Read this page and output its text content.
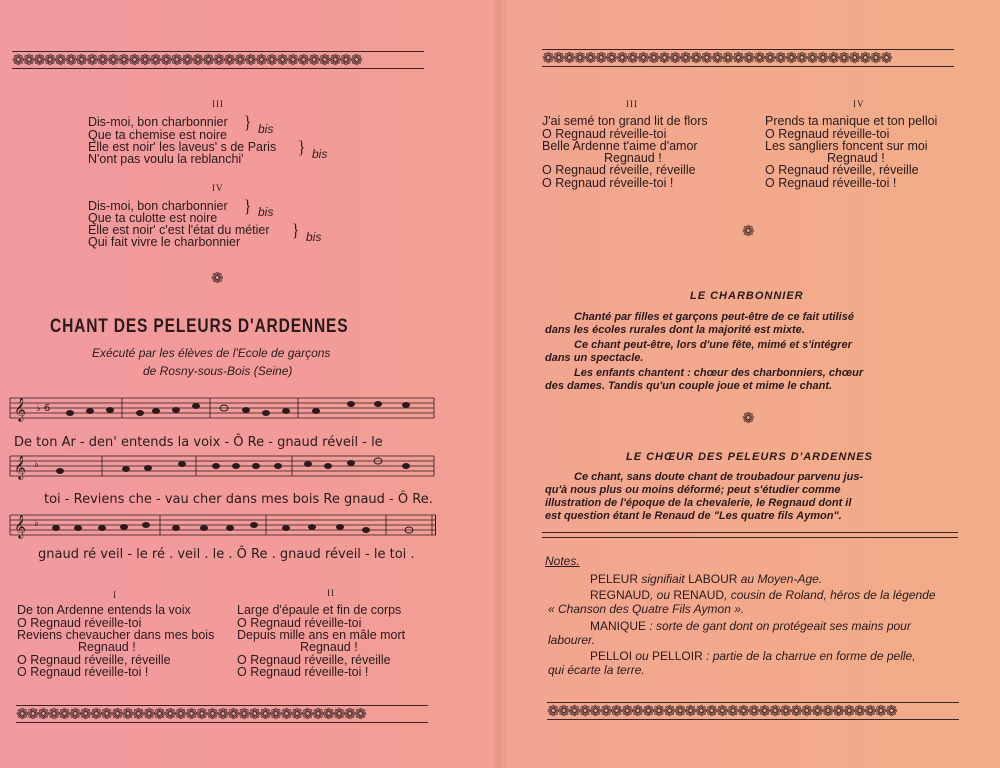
❁❁❁❁❁❁❁❁❁❁❁❁❁❁❁❁❁❁❁❁❁❁❁❁❁❁❁❁❁❁❁❁❁	❁❁❁❁❁❁❁❁❁❁❁❁❁❁❁❁❁❁❁❁❁❁❁❁❁❁❁❁❁❁❁❁❁
❁❁❁❁❁❁❁❁❁❁❁❁❁❁❁❁❁❁❁❁❁❁❁❁❁❁❁❁❁❁❁❁❁	❁❁❁❁❁❁❁❁❁❁❁❁❁❁❁❁❁❁❁❁❁❁❁❁❁❁❁❁❁❁❁❁❁
III
Dis-moi, bon charbonnier
Que ta chemise est noire
Elle est noir' les laveus' s de Paris
N'ont pas voulu la reblanchi'
} bis
} bis
IV
Dis-moi, bon charbonnier
Que ta culotte est noire
Elle est noir' c'est l'état du métier
Qui fait vivre le charbonnier
} bis
} bis
❁
CHANT DES PELEURS D'ARDENNES
Exécuté par les élèves de l'Ecole de garçons
de Rosny-sous-Bois (Seine)
𝄞 ♭ 6
De ton Ar - den' entends la voix - Ô Re - gnaud réveil - le
𝄞 ♭
toi - Reviens che - vau cher dans mes bois Re gnaud - Ô Re.
𝄞 ♭
gnaud ré veil - le ré . veil . le . Ô Re . gnaud réveil - le toi .
I
De ton Ardenne entends la voix
O Regnaud réveille-toi
Reviens chevaucher dans mes bois
Regnaud !
O Regnaud réveille, réveille
O Regnaud réveille-toi !
II
Large d'épaule et fin de corps
O Regnaud réveille-toi
Depuis mille ans en mâle mort
Regnaud !
O Regnaud réveille, réveille
O Regnaud réveille-toi !
III
J'ai semé ton grand lit de flors
O Regnaud réveille-toi
Belle Ardenne t'aime d'amor
Regnaud !
O Regnaud réveille, réveille
O Regnaud réveille-toi !
IV
Prends ta manique et ton pelloi
O Regnaud réveille-toi
Les sangliers foncent sur moi
Regnaud !
O Regnaud réveille, réveille
O Regnaud réveille-toi !
❁
LE CHARBONNIER
Chanté par filles et garçons peut-être de ce fait utilisé
dans les écoles rurales dont la majorité est mixte.
Ce chant peut-être, lors d'une fête, mimé et s'intégrer
dans un spectacle.
Les enfants chantent : chœur des charbonniers, chœur
des dames. Tandis qu'un couple joue et mime le chant.
❁
LE CHŒUR DES PELEURS D'ARDENNES
Ce chant, sans doute chant de troubadour parvenu jus-
qu'à nous plus ou moins déformé; peut s'étudier comme
illustration de l'époque de la chevalerie, le Regnaud dont il
est question étant le Renaud de "Les quatre fils Aymon".
Notes.
PELEUR signifiait LABOUR au Moyen-Age.
REGNAUD, ou RENAUD, cousin de Roland, héros de la légende
« Chanson des Quatre Fils Aymon ».
MANIQUE : sorte de gant dont on protégeait ses mains pour
labourer.
PELLOI ou PELLOIR : partie de la charrue en forme de pelle,
qui écarte la terre.
